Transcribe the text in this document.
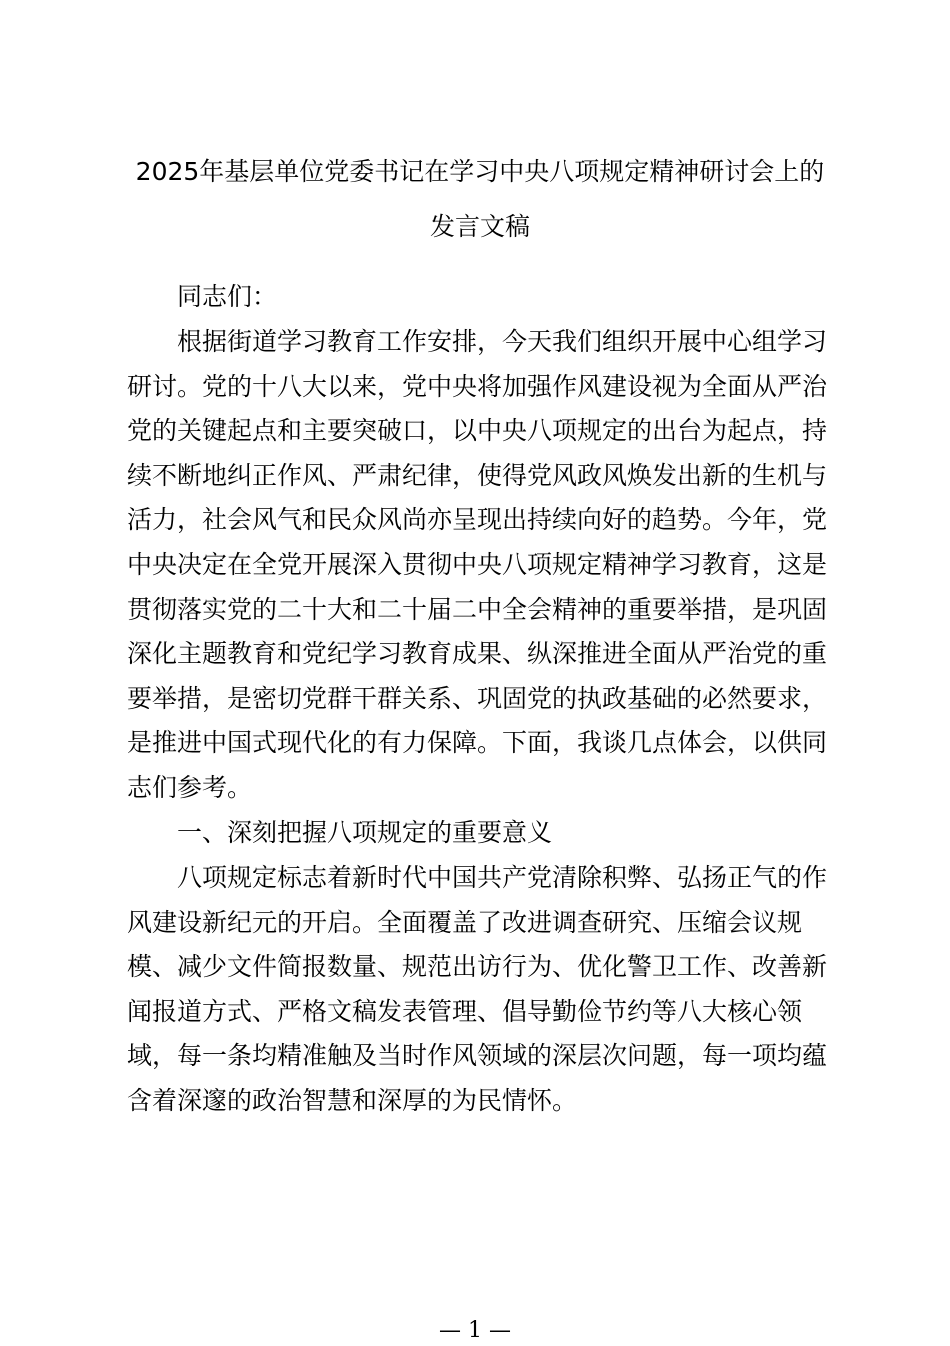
2025年基层单位党委书记在学习中央八项规定精神研讨会上的
发言文稿

同志们：

根据街道学习教育工作安排，今天我们组织开展中心组学习研讨。党的十八大以来，党中央将加强作风建设视为全面从严治党的关键起点和主要突破口，以中央八项规定的出台为起点，持续不断地纠正作风、严肃纪律，使得党风政风焕发出新的生机与活力，社会风气和民众风尚亦呈现出持续向好的趋势。今年，党中央决定在全党开展深入贯彻中央八项规定精神学习教育，这是贯彻落实党的二十大和二十届二中全会精神的重要举措，是巩固深化主题教育和党纪学习教育成果、纵深推进全面从严治党的重要举措，是密切党群干群关系、巩固党的执政基础的必然要求，是推进中国式现代化的有力保障。下面，我谈几点体会，以供同志们参考。

一、深刻把握八项规定的重要意义

八项规定标志着新时代中国共产党清除积弊、弘扬正气的作风建设新纪元的开启。全面覆盖了改进调查研究、压缩会议规模、减少文件简报数量、规范出访行为、优化警卫工作、改善新闻报道方式、严格文稿发表管理、倡导勤俭节约等八大核心领域，每一条均精准触及当时作风领域的深层次问题，每一项均蕴含着深邃的政治智慧和深厚的为民情怀。

— 1 —
